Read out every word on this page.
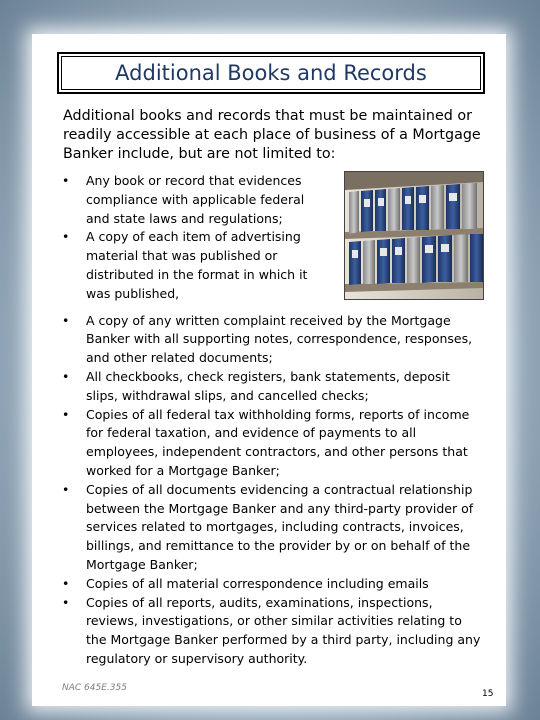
Additional Books and Records
Additional books and records that must be maintained or readily accessible at each place of business of a Mortgage Banker include, but are not limited to:
• Any book or record that evidences compliance with applicable federal and state laws and regulations;
• A copy of each item of advertising material that was published or distributed in the format in which it was published,
• A copy of any written complaint received by the Mortgage Banker with all supporting notes, correspondence, responses, and other related documents;
• All checkbooks, check registers, bank statements, deposit slips, withdrawal slips, and cancelled checks;
• Copies of all federal tax withholding forms, reports of income for federal taxation, and evidence of payments to all employees, independent contractors, and other persons that worked for a Mortgage Banker;
• Copies of all documents evidencing a contractual relationship between the Mortgage Banker and any third-party provider of services related to mortgages, including contracts, invoices, billings, and remittance to the provider by or on behalf of the Mortgage Banker;
• Copies of all material correspondence including emails
• Copies of all reports, audits, examinations, inspections, reviews, investigations, or other similar activities relating to the Mortgage Banker performed by a third party, including any regulatory or supervisory authority.
NAC 645E.355
15
